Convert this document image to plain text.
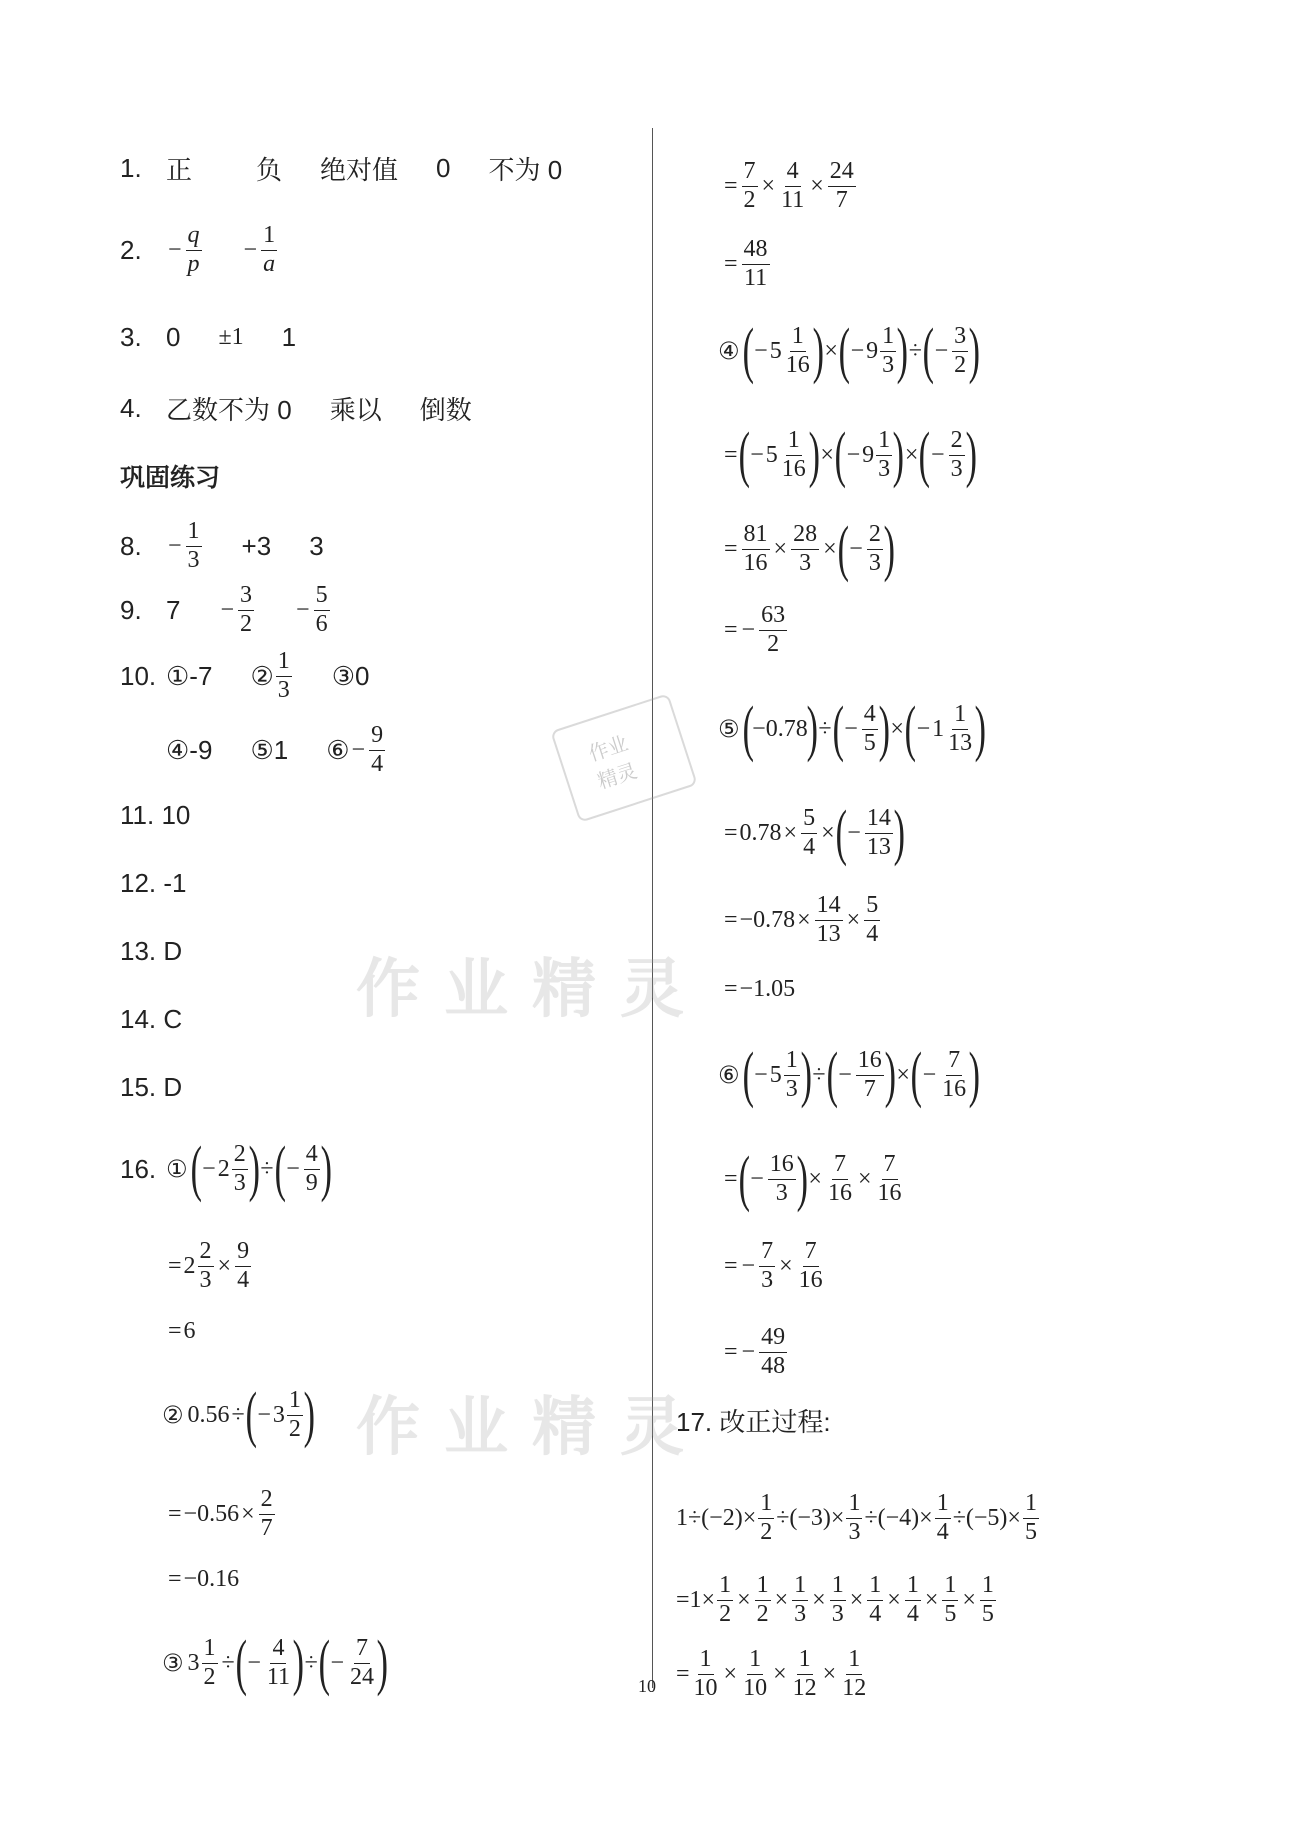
1. 正 负 绝对值 0 不为 0
2.	− $\frac{q}{p} - \frac{1}{a}$
3. 0 ±1 1
4. 乙数不为 0 乘以 倒数
巩固练习
8.	− $\frac{1}{3} +3$ 3
9. $7 - \frac{3}{2} - \frac{5}{6}$
10. ①-7 ② $\frac{1}{3}$ ③0
④-9 ⑤1 ⑥ − $\frac{9}{4}$
11. 10
12. -1
13. D
14. C
15. D
16. ① ( − $2 \frac{2}{3}$ ) ÷ ( − $\frac{4}{9}$ )
= $2 \frac{2}{3} \times \frac{9}{4}$
= 6
② 0.56 ÷ ( − $3 \frac{1}{2}$ )
= $-0.56 \times \frac{2}{7}$
= −0.16
③ $3 \frac{1}{2}$ ÷ ( − $\frac{4}{11}$ ) ÷ ( − $\frac{7}{24}$ )
= $\frac{7}{2} \times \frac{4}{11} \times \frac{24}{7}$
= $\frac{48}{11}$
④ ( − $5 \frac{1}{16}$ ) × ( − $9 \frac{1}{3}$ ) ÷ ( − $\frac{3}{2}$ )
= ( − $5 \frac{1}{16}$ ) × ( − $9 \frac{1}{3}$ ) × ( − $\frac{2}{3}$ )
= $\frac{81}{16} \times \frac{28}{3}$ × ( − $\frac{2}{3}$ )
= − $\frac{63}{2}$
⑤ (
−0.78
) ÷ ( − $\frac{4}{5}$ ) × ( − $1 \frac{1}{13}$ )
= $0.78 \times \frac{5}{4}$ × ( − $\frac{14}{13}$ )
= $-0.78 \times \frac{14}{13} \times \frac{5}{4}$
= −1.05
⑥ ( − $5 \frac{1}{3}$ ) ÷ ( − $\frac{16}{7}$ ) × ( − $\frac{7}{16}$ )
= ( − $\frac{16}{3}$ ) × $\frac{7}{16} \times \frac{7}{16}$
= − $\frac{7}{3} \times \frac{7}{16}$
= − $\frac{49}{48}$
17. 改正过程:
$1\div(-2)\times \frac{1}{2} \div(-3)\times \frac{1}{3} \div(-4)\times \frac{1}{4} \div(-5)\times \frac{1}{5}$
$=1\times \frac{1}{2} \times \frac{1}{2} \times \frac{1}{3} \times \frac{1}{3} \times \frac{1}{4} \times \frac{1}{4} \times \frac{1}{5} \times \frac{1}{5}$
= $\frac{1}{10} \times \frac{1}{10} \times \frac{1}{12} \times \frac{1}{12}$
作业精灵
作业精灵
作业
精灵
10
